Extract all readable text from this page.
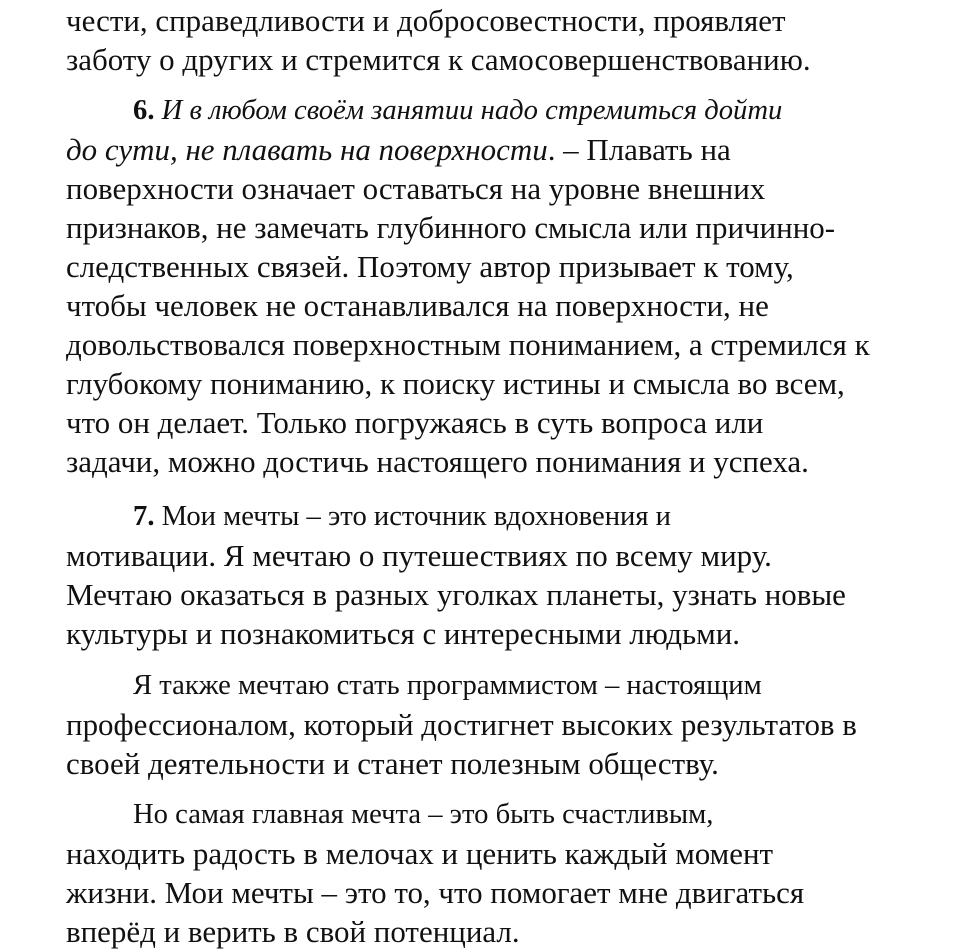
чести, справедливости и добросовестности, проявляет
заботу о других и стремится к самосовершенствованию.
6. И в любом своём занятии надо стремиться дойти
до сути, не плавать на поверхности. – Плавать на
поверхности означает оставаться на уровне внешних
признаков, не замечать глубинного смысла или причинно-
следственных связей. Поэтому автор призывает к тому,
чтобы человек не останавливался на поверхности, не
довольствовался поверхностным пониманием, а стремился к
глубокому пониманию, к поиску истины и смысла во всем,
что он делает. Только погружаясь в суть вопроса или
задачи, можно достичь настоящего понимания и успеха.
7. Мои мечты – это источник вдохновения и
мотивации. Я мечтаю о путешествиях по всему миру.
Мечтаю оказаться в разных уголках планеты, узнать новые
культуры и познакомиться с интересными людьми.
Я также мечтаю стать программистом – настоящим
профессионалом, который достигнет высоких результатов в
своей деятельности и станет полезным обществу.
Но самая главная мечта – это быть счастливым,
находить радость в мелочах и ценить каждый момент
жизни. Мои мечты – это то, что помогает мне двигаться
вперёд и верить в свой потенциал.
